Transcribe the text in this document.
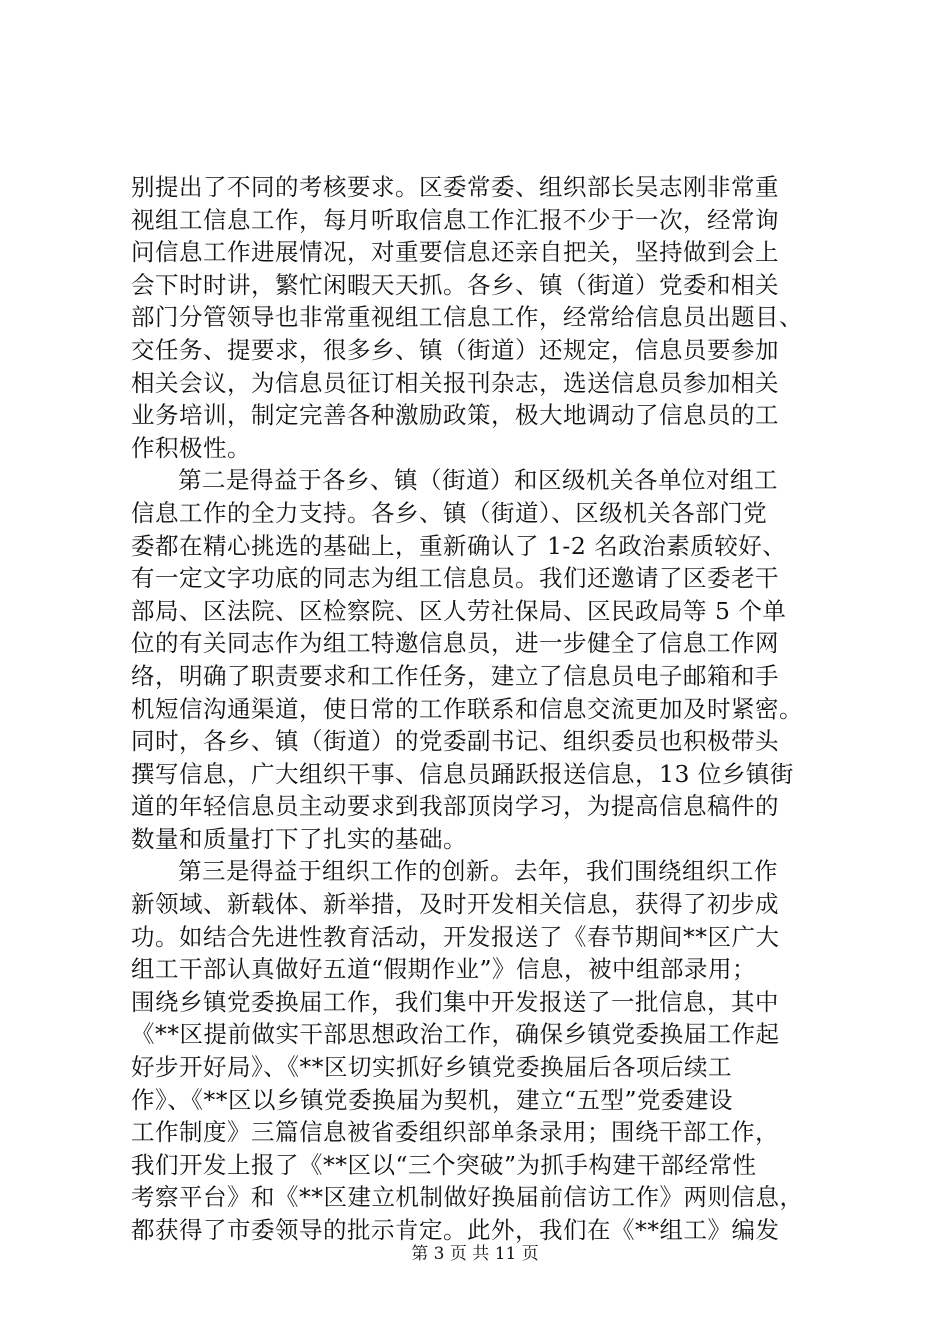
别提出了不同的考核要求。区委常委、组织部长吴志刚非常重
视组工信息工作，每月听取信息工作汇报不少于一次，经常询
问信息工作进展情况，对重要信息还亲自把关，坚持做到会上
会下时时讲，繁忙闲暇天天抓。各乡、镇（街道）党委和相关
部门分管领导也非常重视组工信息工作，经常给信息员出题目、
交任务、提要求，很多乡、镇（街道）还规定，信息员要参加
相关会议，为信息员征订相关报刊杂志，选送信息员参加相关
业务培训，制定完善各种激励政策，极大地调动了信息员的工
作积极性。
第二是得益于各乡、镇（街道）和区级机关各单位对组工
信息工作的全力支持。各乡、镇（街道）、区级机关各部门党
委都在精心挑选的基础上，重新确认了 1-2 名政治素质较好、
有一定文字功底的同志为组工信息员。我们还邀请了区委老干
部局、区法院、区检察院、区人劳社保局、区民政局等 5 个单
位的有关同志作为组工特邀信息员，进一步健全了信息工作网
络，明确了职责要求和工作任务，建立了信息员电子邮箱和手
机短信沟通渠道，使日常的工作联系和信息交流更加及时紧密。
同时，各乡、镇（街道）的党委副书记、组织委员也积极带头
撰写信息，广大组织干事、信息员踊跃报送信息，13 位乡镇街
道的年轻信息员主动要求到我部顶岗学习，为提高信息稿件的
数量和质量打下了扎实的基础。
第三是得益于组织工作的创新。去年，我们围绕组织工作
新领域、新载体、新举措，及时开发相关信息，获得了初步成
功。如结合先进性教育活动，开发报送了《春节期间**区广大
组工干部认真做好五道“假期作业”》信息，被中组部录用；
围绕乡镇党委换届工作，我们集中开发报送了一批信息，其中
《**区提前做实干部思想政治工作，确保乡镇党委换届工作起
好步开好局》、《**区切实抓好乡镇党委换届后各项后续工
作》、《**区以乡镇党委换届为契机，建立“五型”党委建设
工作制度》三篇信息被省委组织部单条录用；围绕干部工作，
我们开发上报了《**区以“三个突破”为抓手构建干部经常性
考察平台》和《**区建立机制做好换届前信访工作》两则信息，
都获得了市委领导的批示肯定。此外，我们在《**组工》编发
第 3 页 共 11 页
